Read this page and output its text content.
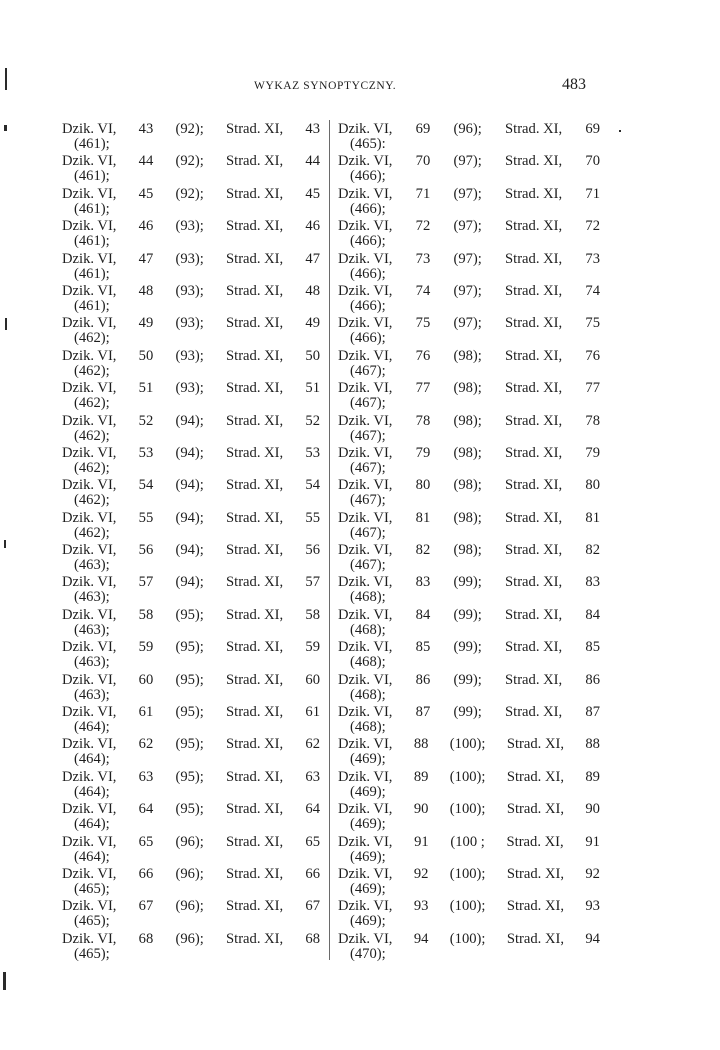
WYKAZ SYNOPTYCZNY.	483
Dzik. VI, 43 (92); Strad. XI, 43
(461);
Dzik. VI, 44 (92); Strad. XI, 44
(461);
Dzik. VI, 45 (92); Strad. XI, 45
(461);
Dzik. VI, 46 (93); Strad. XI, 46
(461);
Dzik. VI, 47 (93); Strad. XI, 47
(461);
Dzik. VI, 48 (93); Strad. XI, 48
(461);
Dzik. VI, 49 (93); Strad. XI, 49
(462);
Dzik. VI, 50 (93); Strad. XI, 50
(462);
Dzik. VI, 51 (93); Strad. XI, 51
(462);
Dzik. VI, 52 (94); Strad. XI, 52
(462);
Dzik. VI, 53 (94); Strad. XI, 53
(462);
Dzik. VI, 54 (94); Strad. XI, 54
(462);
Dzik. VI, 55 (94); Strad. XI, 55
(462);
Dzik. VI, 56 (94); Strad. XI, 56
(463);
Dzik. VI, 57 (94); Strad. XI, 57
(463);
Dzik. VI, 58 (95); Strad. XI, 58
(463);
Dzik. VI, 59 (95); Strad. XI, 59
(463);
Dzik. VI, 60 (95); Strad. XI, 60
(463);
Dzik. VI, 61 (95); Strad. XI, 61
(464);
Dzik. VI, 62 (95); Strad. XI, 62
(464);
Dzik. VI, 63 (95); Strad. XI, 63
(464);
Dzik. VI, 64 (95); Strad. XI, 64
(464);
Dzik. VI, 65 (96); Strad. XI, 65
(464);
Dzik. VI, 66 (96); Strad. XI, 66
(465);
Dzik. VI, 67 (96); Strad. XI, 67
(465);
Dzik. VI, 68 (96); Strad. XI, 68
(465);
Dzik. VI, 69 (96); Strad. XI, 69
(465):
Dzik. VI, 70 (97); Strad. XI, 70
(466);
Dzik. VI, 71 (97); Strad. XI, 71
(466);
Dzik. VI, 72 (97); Strad. XI, 72
(466);
Dzik. VI, 73 (97); Strad. XI, 73
(466);
Dzik. VI, 74 (97); Strad. XI, 74
(466);
Dzik. VI, 75 (97); Strad. XI, 75
(466);
Dzik. VI, 76 (98); Strad. XI, 76
(467);
Dzik. VI, 77 (98); Strad. XI, 77
(467);
Dzik. VI, 78 (98); Strad. XI, 78
(467);
Dzik. VI, 79 (98); Strad. XI, 79
(467);
Dzik. VI, 80 (98); Strad. XI, 80
(467);
Dzik. VI, 81 (98); Strad. XI, 81
(467);
Dzik. VI, 82 (98); Strad. XI, 82
(467);
Dzik. VI, 83 (99); Strad. XI, 83
(468);
Dzik. VI, 84 (99); Strad. XI, 84
(468);
Dzik. VI, 85 (99); Strad. XI, 85
(468);
Dzik. VI, 86 (99); Strad. XI, 86
(468);
Dzik. VI, 87 (99); Strad. XI, 87
(468);
Dzik. VI, 88 (100); Strad. XI, 88
(469);
Dzik. VI, 89 (100); Strad. XI, 89
(469);
Dzik. VI, 90 (100); Strad. XI, 90
(469);
Dzik. VI, 91 (100 ; Strad. XI, 91
(469);
Dzik. VI, 92 (100); Strad. XI, 92
(469);
Dzik. VI, 93 (100); Strad. XI, 93
(469);
Dzik. VI, 94 (100); Strad. XI, 94
(470);
